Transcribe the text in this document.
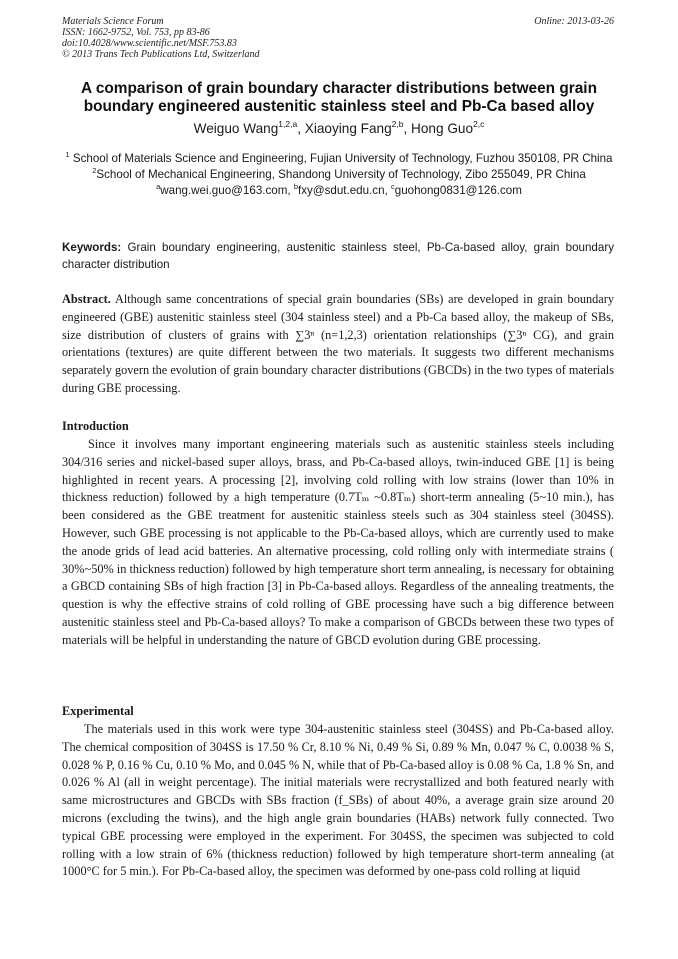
Materials Science Forum
ISSN: 1662-9752, Vol. 753, pp 83-86
doi:10.4028/www.scientific.net/MSF.753.83
© 2013 Trans Tech Publications Ltd, Switzerland
Online: 2013-03-26
A comparison of grain boundary character distributions between grain boundary engineered austenitic stainless steel and Pb-Ca based alloy
Weiguo Wang$^{1,2,a}$, Xiaoying Fang$^{2,b}$, Hong Guo$^{2,c}$
$^1$ School of Materials Science and Engineering, Fujian University of Technology, Fuzhou 350108, PR China
$^2$School of Mechanical Engineering, Shandong University of Technology, Zibo 255049, PR China
$^a$wang.wei.guo@163.com, $^b$fxy@sdut.edu.cn, $^c$guohong0831@126.com
Keywords: Grain boundary engineering, austenitic stainless steel, Pb-Ca-based alloy, grain boundary character distribution
Abstract. Although same concentrations of special grain boundaries (SBs) are developed in grain boundary engineered (GBE) austenitic stainless steel (304 stainless steel) and a Pb-Ca based alloy, the makeup of SBs, size distribution of clusters of grains with ∑3ⁿ (n=1,2,3) orientation relationships (∑3ⁿ CG), and grain orientations (textures) are quite different between the two materials. It suggests two different mechanisms separately govern the evolution of grain boundary character distributions (GBCDs) in the two types of materials during GBE processing.
Introduction

Since it involves many important engineering materials such as austenitic stainless steels including 304/316 series and nickel-based super alloys, brass, and Pb-Ca-based alloys, twin-induced GBE [1] is being highlighted in recent years. A processing [2], involving cold rolling with low strains (lower than 10% in thickness reduction) followed by a high temperature (0.7Tₘ ~0.8Tₘ) short-term annealing (5~10 min.), has been considered as the GBE treatment for austenitic stainless steels such as 304 stainless steel (304SS). However, such GBE processing is not applicable to the Pb-Ca-based alloys, which are currently used to make the anode grids of lead acid batteries. An alternative processing, cold rolling only with intermediate strains ( 30%~50% in thickness reduction) followed by high temperature short term annealing, is necessary for obtaining a GBCD containing SBs of high fraction [3] in Pb-Ca-based alloys. Regardless of the annealing treatments, the question is why the effective strains of cold rolling of GBE processing have such a big difference between austenitic stainless steel and Pb-Ca-based alloys? To make a comparison of GBCDs between these two types of materials will be helpful in understanding the nature of GBCD evolution during GBE processing.

Experimental

The materials used in this work were type 304-austenitic stainless steel (304SS) and Pb-Ca-based alloy. The chemical composition of 304SS is 17.50 % Cr, 8.10 % Ni, 0.49 % Si, 0.89 % Mn, 0.047 % C, 0.0038 % S, 0.028 % P, 0.16 % Cu, 0.10 % Mo, and 0.045 % N, while that of Pb-Ca-based alloy is 0.08 % Ca, 1.8 % Sn, and 0.026 % Al (all in weight percentage). The initial materials were recrystallized and both featured nearly with same microstructures and GBCDs with SBs fraction (f_SBs) of about 40%, a average grain size around 20 microns (excluding the twins), and the high angle grain boundaries (HABs) network fully connected. Two typical GBE processing were employed in the experiment. For 304SS, the specimen was subjected to cold rolling with a low strain of 6% (thickness reduction) followed by high temperature short-term annealing (at 1000°C for 5 min.). For Pb-Ca-based alloy, the specimen was deformed by one-pass cold rolling at liquid
